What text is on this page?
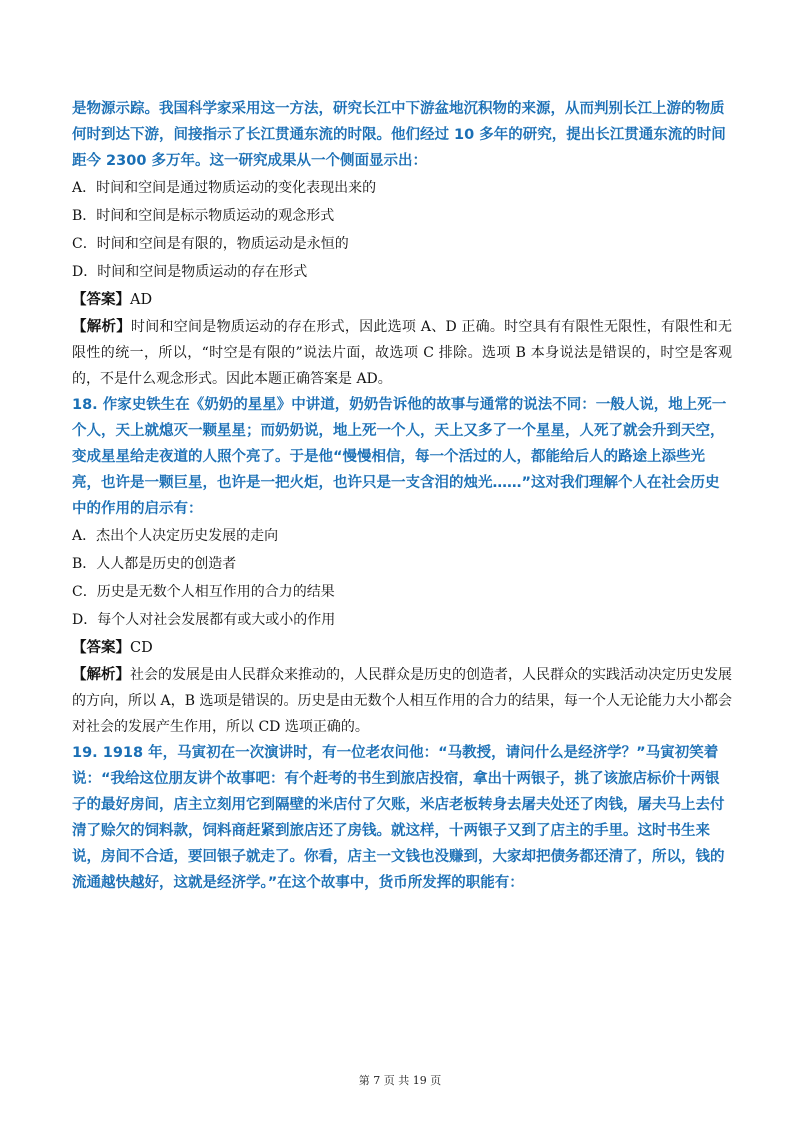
是物源示踪。我国科学家采用这一方法，研究长江中下游盆地沉积物的来源，从而判别长江上游的物质何时到达下游，间接指示了长江贯通东流的时限。他们经过 10 多年的研究，提出长江贯通东流的时间距今 2300 多万年。这一研究成果从一个侧面显示出：

A．时间和空间是通过物质运动的变化表现出来的

B．时间和空间是标示物质运动的观念形式

C．时间和空间是有限的，物质运动是永恒的

D．时间和空间是物质运动的存在形式

【答案】AD

【解析】时间和空间是物质运动的存在形式，因此选项 A、D 正确。时空具有有限性无限性，有限性和无限性的统一，所以，“时空是有限的”说法片面，故选项 C 排除。选项 B 本身说法是错误的，时空是客观的，不是什么观念形式。因此本题正确答案是 AD。

18. 作家史铁生在《奶奶的星星》中讲道，奶奶告诉他的故事与通常的说法不同：一般人说，地上死一个人，天上就熄灭一颗星星；而奶奶说，地上死一个人，天上又多了一个星星，人死了就会升到天空，变成星星给走夜道的人照个亮了。于是他“慢慢相信，每一个活过的人，都能给后人的路途上添些光亮，也许是一颗巨星，也许是一把火炬，也许只是一支含泪的烛光……”这对我们理解个人在社会历史中的作用的启示有：

A．杰出个人决定历史发展的走向

B．人人都是历史的创造者

C．历史是无数个人相互作用的合力的结果

D．每个人对社会发展都有或大或小的作用

【答案】CD

【解析】社会的发展是由人民群众来推动的，人民群众是历史的创造者，人民群众的实践活动决定历史发展的方向，所以 A，B 选项是错误的。历史是由无数个人相互作用的合力的结果，每一个人无论能力大小都会对社会的发展产生作用，所以 CD 选项正确的。

19. 1918 年，马寅初在一次演讲时，有一位老农问他：“马教授，请问什么是经济学？”马寅初笑着说：“我给这位朋友讲个故事吧：有个赶考的书生到旅店投宿，拿出十两银子，挑了该旅店标价十两银子的最好房间，店主立刻用它到隔壁的米店付了欠账，米店老板转身去屠夫处还了肉钱，屠夫马上去付清了赊欠的饲料款，饲料商赶紧到旅店还了房钱。就这样，十两银子又到了店主的手里。这时书生来说，房间不合适，要回银子就走了。你看，店主一文钱也没赚到，大家却把债务都还清了，所以，钱的流通越快越好，这就是经济学。”在这个故事中，货币所发挥的职能有：

第 7 页 共 19 页
